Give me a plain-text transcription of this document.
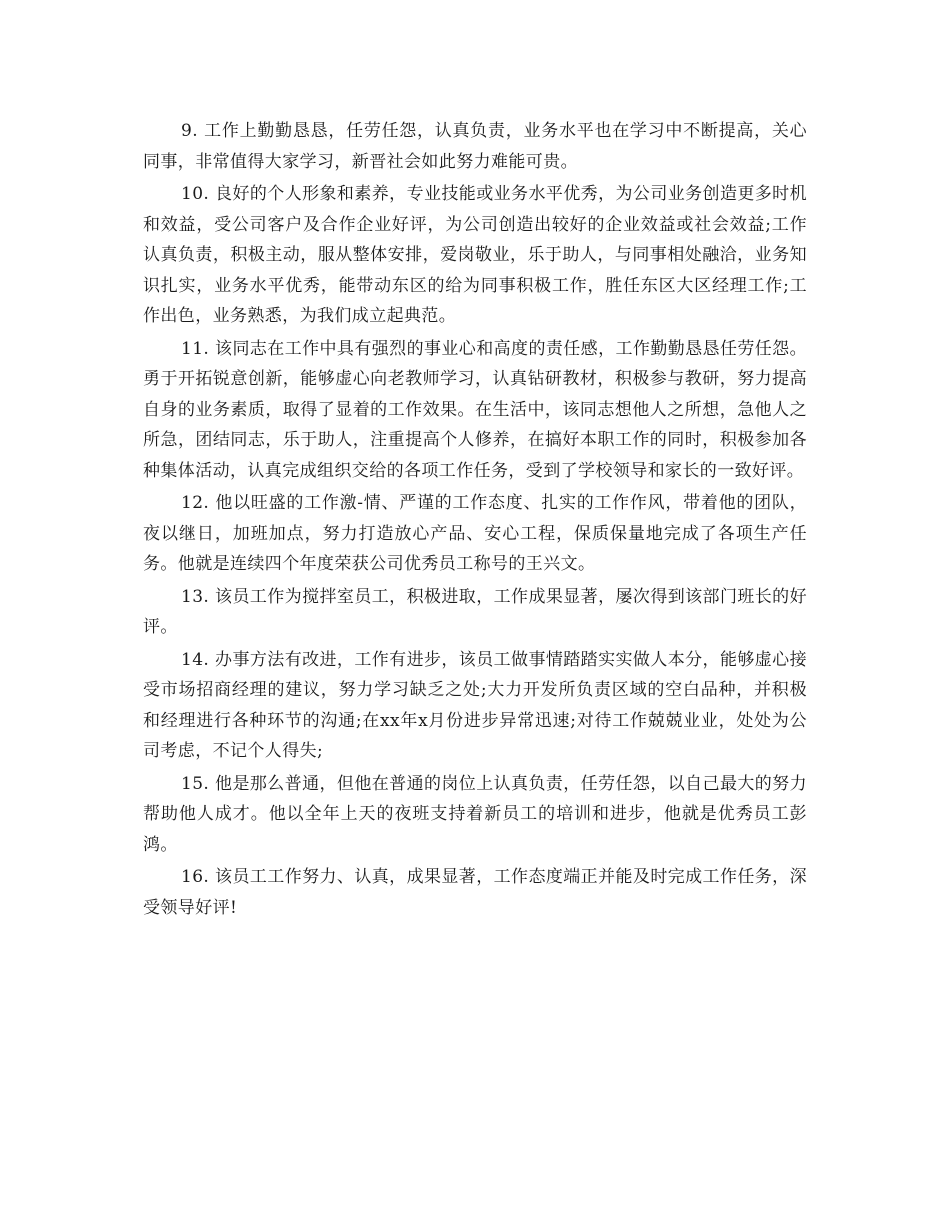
9. 工作上勤勤恳恳，任劳任怨，认真负责，业务水平也在学习中不断提高，关心同事，非常值得大家学习，新晋社会如此努力难能可贵。

10. 良好的个人形象和素养，专业技能或业务水平优秀，为公司业务创造更多时机和效益，受公司客户及合作企业好评，为公司创造出较好的企业效益或社会效益;工作认真负责，积极主动，服从整体安排，爱岗敬业，乐于助人，与同事相处融洽，业务知识扎实，业务水平优秀，能带动东区的给为同事积极工作，胜任东区大区经理工作;工作出色，业务熟悉，为我们成立起典范。

11. 该同志在工作中具有强烈的事业心和高度的责任感，工作勤勤恳恳任劳任怨。勇于开拓锐意创新，能够虚心向老教师学习，认真钻研教材，积极参与教研，努力提高自身的业务素质，取得了显着的工作效果。在生活中，该同志想他人之所想，急他人之所急，团结同志，乐于助人，注重提高个人修养，在搞好本职工作的同时，积极参加各种集体活动，认真完成组织交给的各项工作任务，受到了学校领导和家长的一致好评。

12. 他以旺盛的工作激-情、严谨的工作态度、扎实的工作作风，带着他的团队，夜以继日，加班加点，努力打造放心产品、安心工程，保质保量地完成了各项生产任务。他就是连续四个年度荣获公司优秀员工称号的王兴文。

13. 该员工作为搅拌室员工，积极进取，工作成果显著，屡次得到该部门班长的好评。

14. 办事方法有改进，工作有进步，该员工做事情踏踏实实做人本分，能够虚心接受市场招商经理的建议，努力学习缺乏之处;大力开发所负责区域的空白品种，并积极和经理进行各种环节的沟通;在xx年x月份进步异常迅速;对待工作兢兢业业，处处为公司考虑，不记个人得失;

15. 他是那么普通，但他在普通的岗位上认真负责，任劳任怨，以自己最大的努力帮助他人成才。他以全年上天的夜班支持着新员工的培训和进步，他就是优秀员工彭鸿。

16. 该员工工作努力、认真，成果显著，工作态度端正并能及时完成工作任务，深受领导好评!
